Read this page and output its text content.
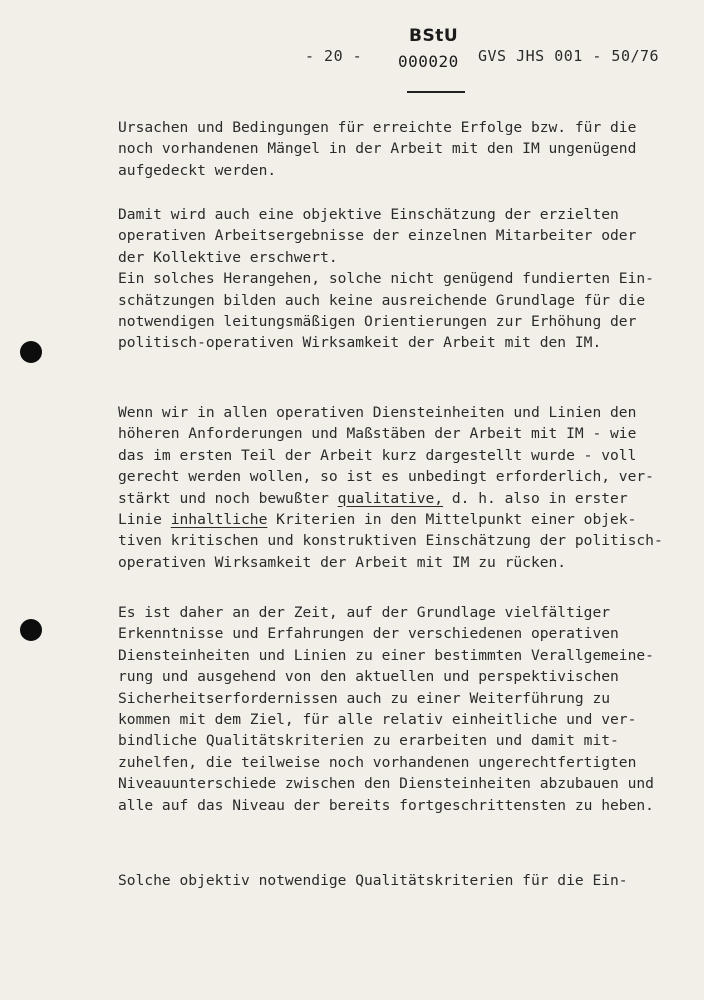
- 20 -
BStU
000020 GVS JHS 001 - 50/76
Ursachen und Bedingungen für erreichte Erfolge bzw. für die
noch vorhandenen Mängel in der Arbeit mit den IM ungenügend
aufgedeckt werden.
Damit wird auch eine objektive Einschätzung der erzielten
operativen Arbeitsergebnisse der einzelnen Mitarbeiter oder
der Kollektive erschwert.
Ein solches Herangehen, solche nicht genügend fundierten Ein-
schätzungen bilden auch keine ausreichende Grundlage für die
notwendigen leitungsmäßigen Orientierungen zur Erhöhung der
politisch-operativen Wirksamkeit der Arbeit mit den IM.
Wenn wir in allen operativen Diensteinheiten und Linien den
höheren Anforderungen und Maßstäben der Arbeit mit IM - wie
das im ersten Teil der Arbeit kurz dargestellt wurde - voll
gerecht werden wollen, so ist es unbedingt erforderlich, ver-
stärkt und noch bewußter qualitative, d. h. also in erster
Linie inhaltliche Kriterien in den Mittelpunkt einer objek-
tiven kritischen und konstruktiven Einschätzung der politisch-
operativen Wirksamkeit der Arbeit mit IM zu rücken.
Es ist daher an der Zeit, auf der Grundlage vielfältiger
Erkenntnisse und Erfahrungen der verschiedenen operativen
Diensteinheiten und Linien zu einer bestimmten Verallgemeine-
rung und ausgehend von den aktuellen und perspektivischen
Sicherheitserfordernissen auch zu einer Weiterführung zu
kommen mit dem Ziel, für alle relativ einheitliche und ver-
bindliche Qualitätskriterien zu erarbeiten und damit mit-
zuhelfen, die teilweise noch vorhandenen ungerechtfertigten
Niveauunterschiede zwischen den Diensteinheiten abzubauen und
alle auf das Niveau der bereits fortgeschrittensten zu heben.
Solche objektiv notwendige Qualitätskriterien für die Ein-
